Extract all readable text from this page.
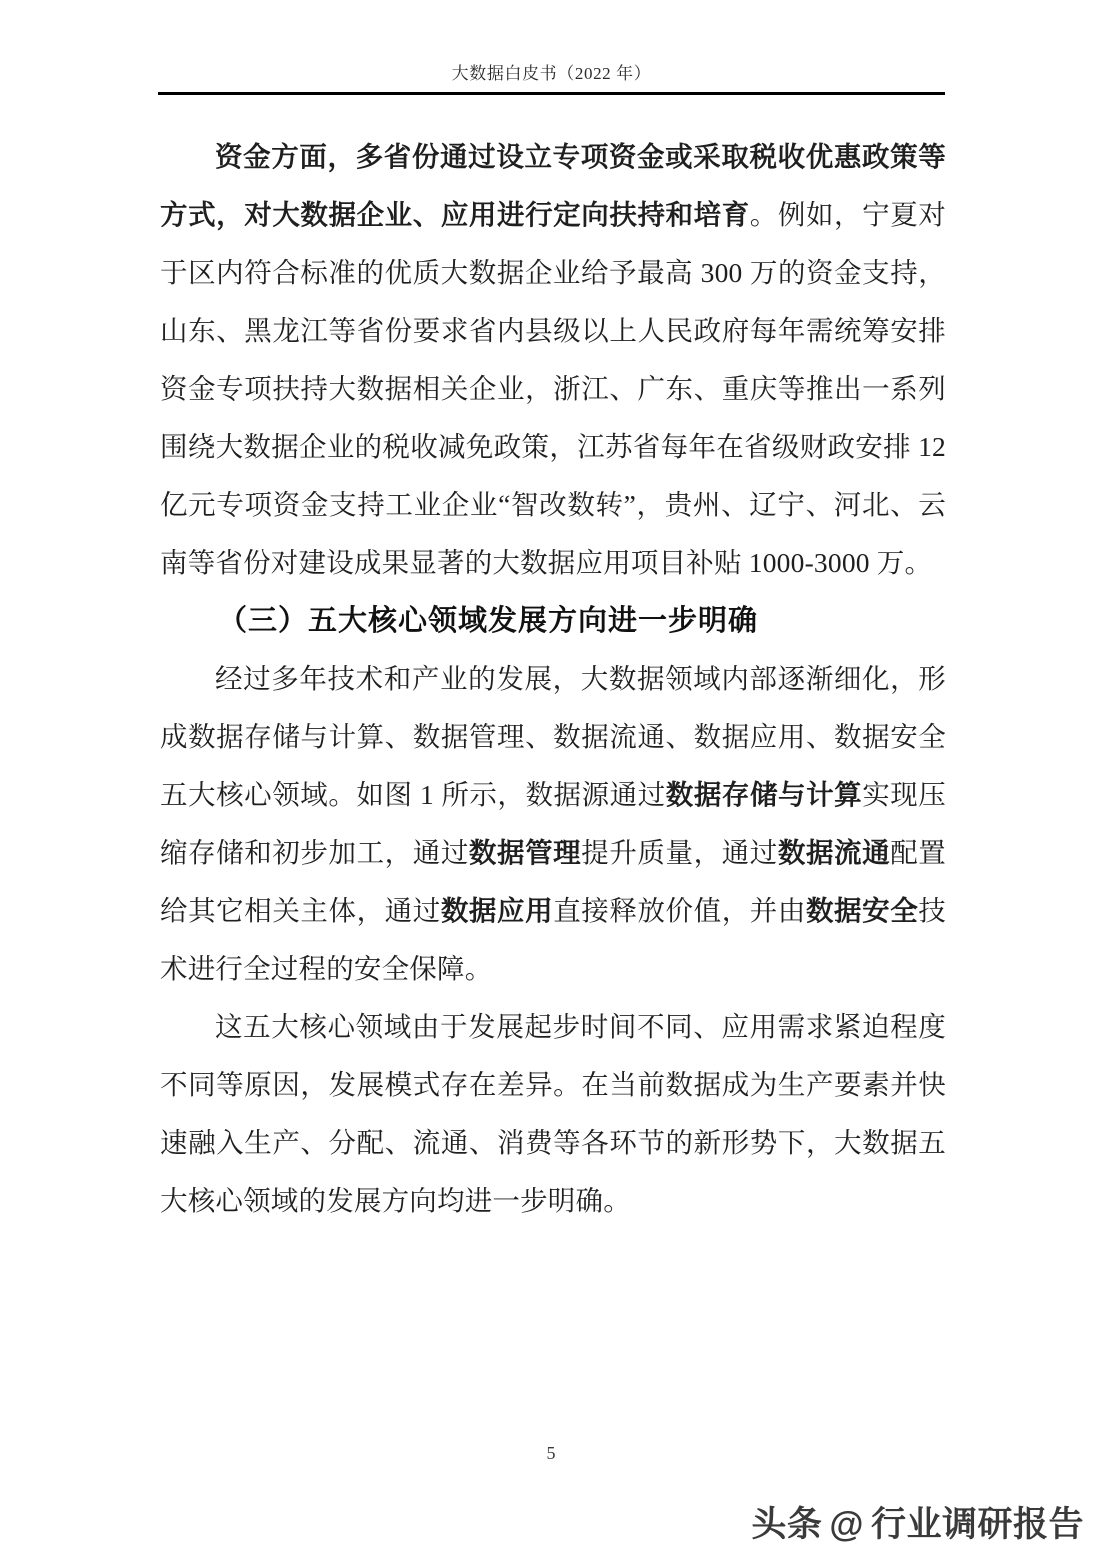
大数据白皮书（2022 年）

资金方面，多省份通过设立专项资金或采取税收优惠政策等方式，对大数据企业、应用进行定向扶持和培育。例如，宁夏对于区内符合标准的优质大数据企业给予最高 300 万的资金支持，山东、黑龙江等省份要求省内县级以上人民政府每年需统筹安排资金专项扶持大数据相关企业，浙江、广东、重庆等推出一系列围绕大数据企业的税收减免政策，江苏省每年在省级财政安排 12 亿元专项资金支持工业企业“智改数转”，贵州、辽宁、河北、云南等省份对建设成果显著的大数据应用项目补贴 1000-3000 万。

（三）五大核心领域发展方向进一步明确

经过多年技术和产业的发展，大数据领域内部逐渐细化，形成数据存储与计算、数据管理、数据流通、数据应用、数据安全五大核心领域。如图 1 所示，数据源通过数据存储与计算实现压缩存储和初步加工，通过数据管理提升质量，通过数据流通配置给其它相关主体，通过数据应用直接释放价值，并由数据安全技术进行全过程的安全保障。

这五大核心领域由于发展起步时间不同、应用需求紧迫程度不同等原因，发展模式存在差异。在当前数据成为生产要素并快速融入生产、分配、流通、消费等各环节的新形势下，大数据五大核心领域的发展方向均进一步明确。

5
头条 @ 行业调研报告
